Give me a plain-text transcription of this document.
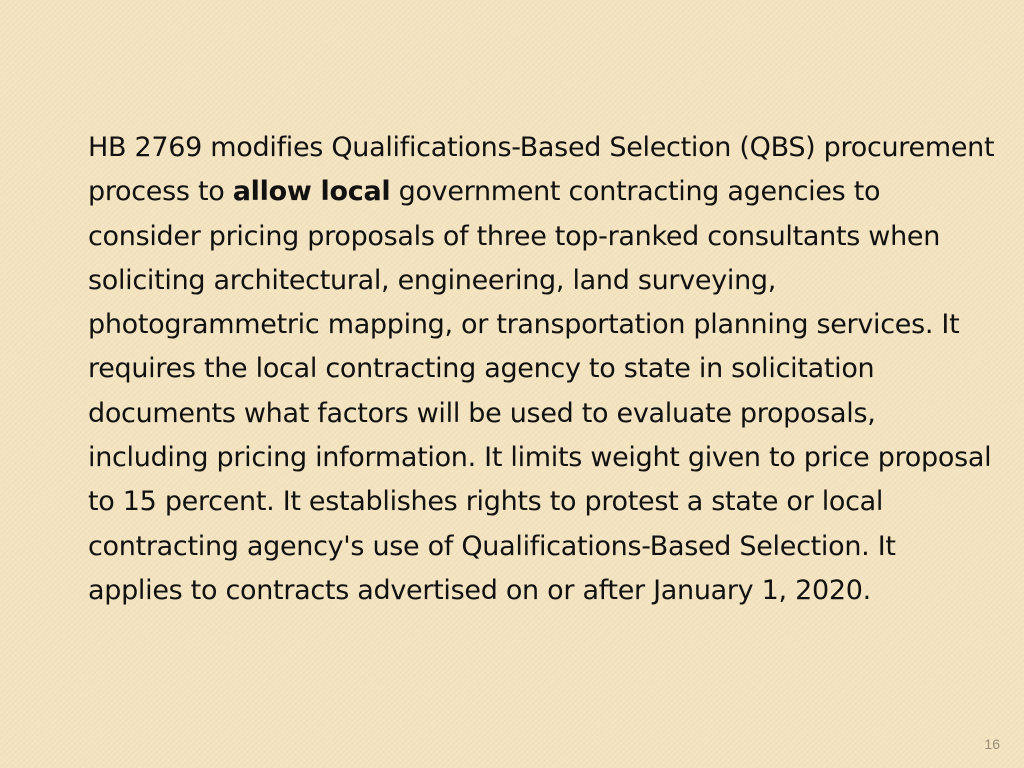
HB 2769 modifies Qualifications-Based Selection (QBS) procurement process to allow local government contracting agencies to consider pricing proposals of three top-ranked consultants when soliciting architectural, engineering, land surveying, photogrammetric mapping, or transportation planning services. It requires the local contracting agency to state in solicitation documents what factors will be used to evaluate proposals, including pricing information. It limits weight given to price proposal to 15 percent. It establishes rights to protest a state or local contracting agency's use of Qualifications-Based Selection. It applies to contracts advertised on or after January 1, 2020.

16
